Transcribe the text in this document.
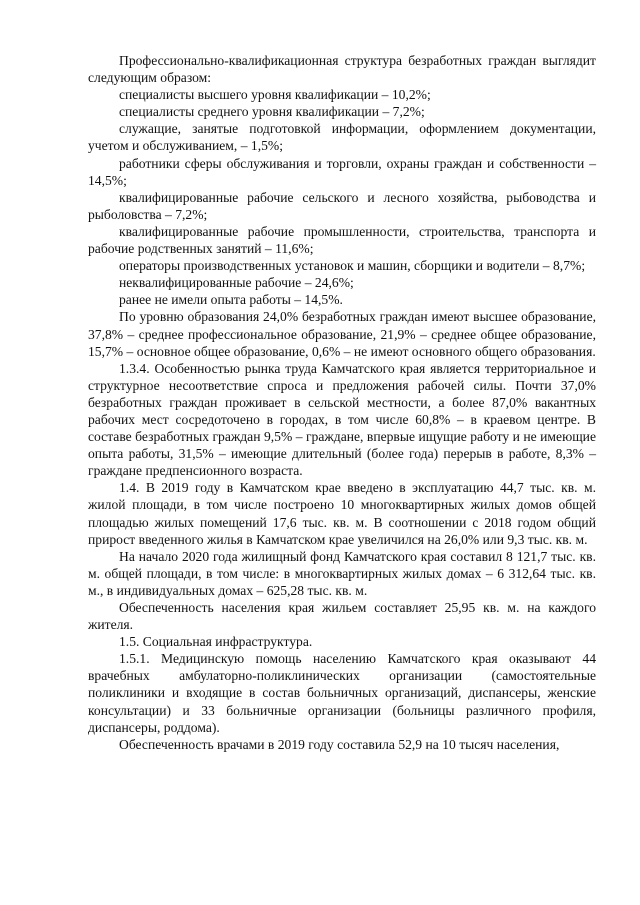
Профессионально-квалификационная структура безработных граждан выглядит следующим образом:

специалисты высшего уровня квалификации – 10,2%;

специалисты среднего уровня квалификации – 7,2%;

служащие, занятые подготовкой информации, оформлением документации, учетом и обслуживанием, – 1,5%;

работники сферы обслуживания и торговли, охраны граждан и собственности – 14,5%;

квалифицированные рабочие сельского и лесного хозяйства, рыбоводства и рыболовства – 7,2%;

квалифицированные рабочие промышленности, строительства, транспорта и рабочие родственных занятий – 11,6%;

операторы производственных установок и машин, сборщики и водители – 8,7%;

неквалифицированные рабочие – 24,6%;

ранее не имели опыта работы – 14,5%.

По уровню образования 24,0% безработных граждан имеют высшее образование, 37,8% – среднее профессиональное образование, 21,9% – среднее общее образование, 15,7% – основное общее образование, 0,6% – не имеют основного общего образования.

1.3.4. Особенностью рынка труда Камчатского края является территориальное и структурное несоответствие спроса и предложения рабочей силы. Почти 37,0% безработных граждан проживает в сельской местности, а более 87,0% вакантных рабочих мест сосредоточено в городах, в том числе 60,8% – в краевом центре. В составе безработных граждан 9,5% – граждане, впервые ищущие работу и не имеющие опыта работы, 31,5% – имеющие длительный (более года) перерыв в работе, 8,3% – граждане предпенсионного возраста.

1.4. В 2019 году в Камчатском крае введено в эксплуатацию 44,7 тыс. кв. м. жилой площади, в том числе построено 10 многоквартирных жилых домов общей площадью жилых помещений 17,6 тыс. кв. м. В соотношении с 2018 годом общий прирост введенного жилья в Камчатском крае увеличился на 26,0% или 9,3 тыс. кв. м.

На начало 2020 года жилищный фонд Камчатского края составил 8 121,7 тыс. кв. м. общей площади, в том числе: в многоквартирных жилых домах – 6 312,64 тыс. кв. м., в индивидуальных домах – 625,28 тыс. кв. м.

Обеспеченность населения края жильем составляет 25,95 кв. м. на каждого жителя.

1.5. Социальная инфраструктура.

1.5.1. Медицинскую помощь населению Камчатского края оказывают 44 врачебных амбулаторно-поликлинических организации (самостоятельные поликлиники и входящие в состав больничных организаций, диспансеры, женские консультации) и 33 больничные организации (больницы различного профиля, диспансеры, роддома).

Обеспеченность врачами в 2019 году составила 52,9 на 10 тысяч населения,
